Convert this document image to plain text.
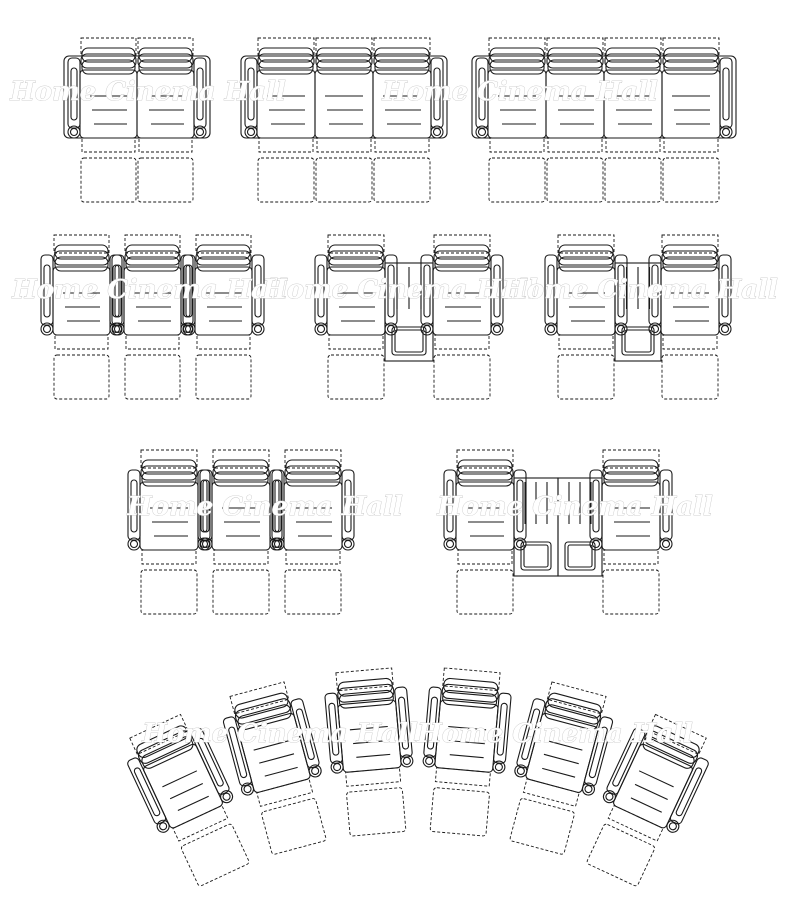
Home Cinema Hall	Home Cinema Hall
Home Cinema Hall
Home Cinema Hall
Home Cinema Hall
Home Cinema Hall Home Cinema Hall
Home Cinema Hall Home Cinema Hall
